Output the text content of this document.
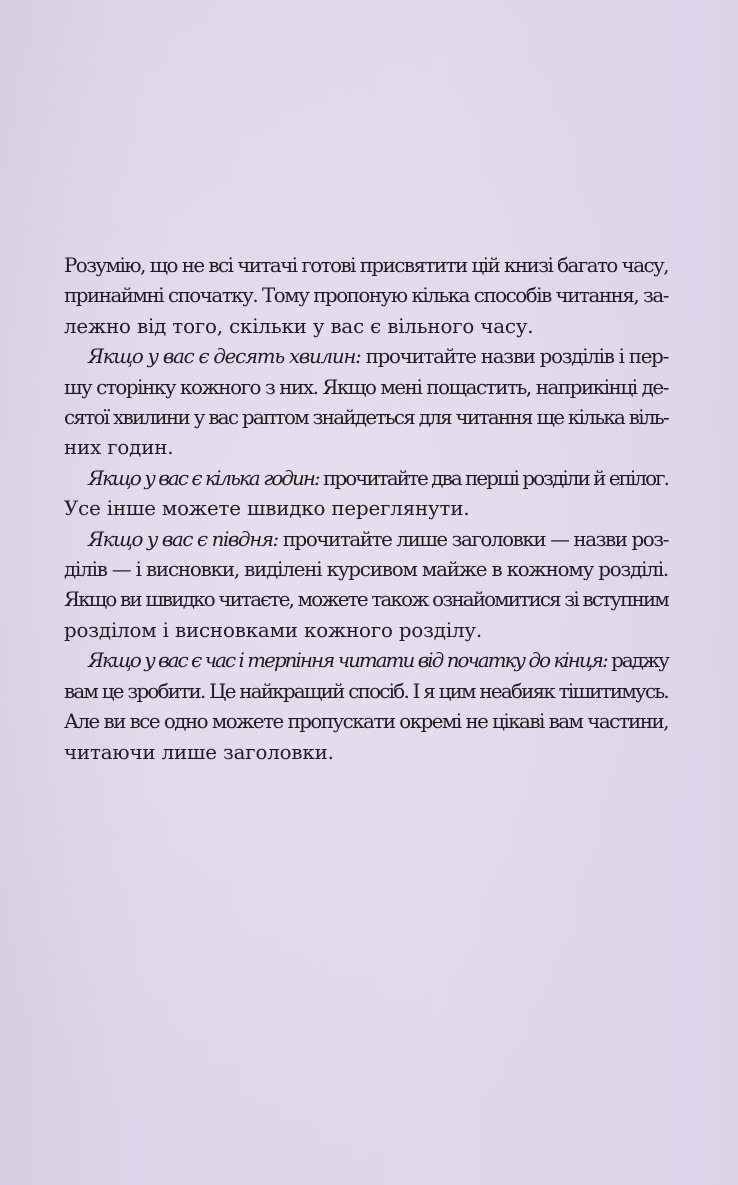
Розумію, що не всі читачі готові присвятити цій книзі багато часу,
принаймні спочатку. Тому пропоную кілька способів читання, за-
лежно від того, скільки у вас є вільного часу.
Якщо у вас є десять хвилин: прочитайте назви розділів і пер-
шу сторінку кожного з них. Якщо мені пощастить, наприкінці де-
сятої хвилини у вас раптом знайдеться для читання ще кілька віль-
них годин.
Якщо у вас є кілька годин: прочитайте два перші розділи й епілог.
Усе інше можете швидко переглянути.
Якщо у вас є півдня: прочитайте лише заголовки — назви роз-
ділів — і висновки, виділені курсивом майже в кожному розділі.
Якщо ви швидко читаєте, можете також ознайомитися зі вступним
розділом і висновками кожного розділу.
Якщо у вас є час і терпіння читати від початку до кінця: раджу
вам це зробити. Це найкращий спосіб. І я цим неабияк тішитимусь.
Але ви все одно можете пропускати окремі не цікаві вам частини,
читаючи лише заголовки.
